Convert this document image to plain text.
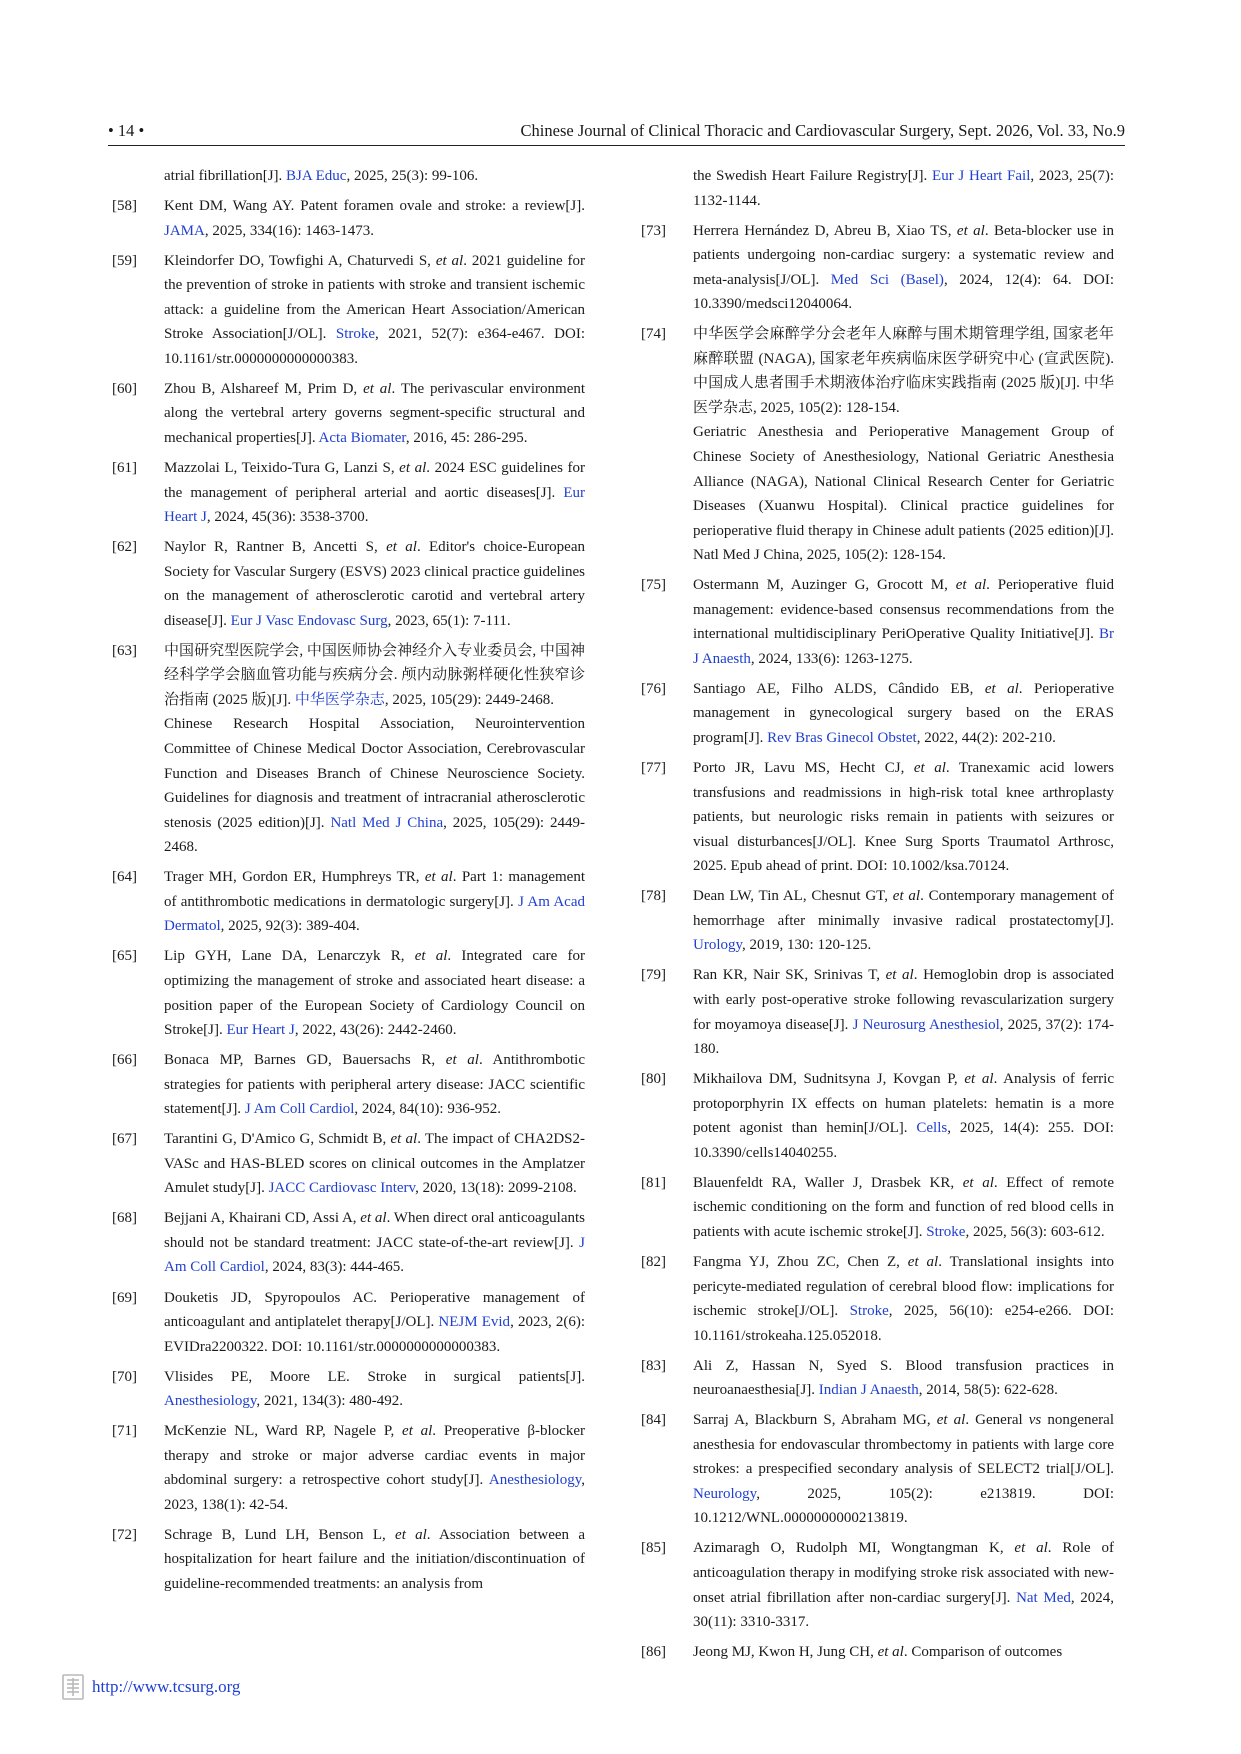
• 14 •	Chinese Journal of Clinical Thoracic and Cardiovascular Surgery, Sept. 2026, Vol. 33, No.9

atrial fibrillation[J]. BJA Educ, 2025, 25(3): 99-106.

[58] Kent DM, Wang AY. Patent foramen ovale and stroke: a review[J]. JAMA, 2025, 334(16): 1463-1473.

[59] Kleindorfer DO, Towfighi A, Chaturvedi S, et al. 2021 guideline for the prevention of stroke in patients with stroke and transient ischemic attack: a guideline from the American Heart Association/American Stroke Association[J/OL]. Stroke, 2021, 52(7): e364-e467. DOI: 10.1161/str.0000000000000383.

[60] Zhou B, Alshareef M, Prim D, et al. The perivascular environment along the vertebral artery governs segment-specific structural and mechanical properties[J]. Acta Biomater, 2016, 45: 286-295.

[61] Mazzolai L, Teixido-Tura G, Lanzi S, et al. 2024 ESC guidelines for the management of peripheral arterial and aortic diseases[J]. Eur Heart J, 2024, 45(36): 3538-3700.

[62] Naylor R, Rantner B, Ancetti S, et al. Editor's choice-European Society for Vascular Surgery (ESVS) 2023 clinical practice guidelines on the management of atherosclerotic carotid and vertebral artery disease[J]. Eur J Vasc Endovasc Surg, 2023, 65(1): 7-111.

[63] 中国研究型医院学会, 中国医师协会神经介入专业委员会, 中国神经科学学会脑血管功能与疾病分会. 颅内动脉粥样硬化性狭窄诊治指南 (2025 版)[J]. 中华医学杂志, 2025, 105(29): 2449-2468.
Chinese Research Hospital Association, Neurointervention Committee of Chinese Medical Doctor Association, Cerebrovascular Function and Diseases Branch of Chinese Neuroscience Society. Guidelines for diagnosis and treatment of intracranial atherosclerotic stenosis (2025 edition)[J]. Natl Med J China, 2025, 105(29): 2449-2468.

[64] Trager MH, Gordon ER, Humphreys TR, et al. Part 1: management of antithrombotic medications in dermatologic surgery[J]. J Am Acad Dermatol, 2025, 92(3): 389-404.

[65] Lip GYH, Lane DA, Lenarczyk R, et al. Integrated care for optimizing the management of stroke and associated heart disease: a position paper of the European Society of Cardiology Council on Stroke[J]. Eur Heart J, 2022, 43(26): 2442-2460.

[66] Bonaca MP, Barnes GD, Bauersachs R, et al. Antithrombotic strategies for patients with peripheral artery disease: JACC scientific statement[J]. J Am Coll Cardiol, 2024, 84(10): 936-952.

[67] Tarantini G, D'Amico G, Schmidt B, et al. The impact of CHA2DS2-VASc and HAS-BLED scores on clinical outcomes in the Amplatzer Amulet study[J]. JACC Cardiovasc Interv, 2020, 13(18): 2099-2108.

[68] Bejjani A, Khairani CD, Assi A, et al. When direct oral anticoagulants should not be standard treatment: JACC state-of-the-art review[J]. J Am Coll Cardiol, 2024, 83(3): 444-465.

[69] Douketis JD, Spyropoulos AC. Perioperative management of anticoagulant and antiplatelet therapy[J/OL]. NEJM Evid, 2023, 2(6): EVIDra2200322. DOI: 10.1161/str.0000000000000383.

[70] Vlisides PE, Moore LE. Stroke in surgical patients[J]. Anesthesiology, 2021, 134(3): 480-492.

[71] McKenzie NL, Ward RP, Nagele P, et al. Preoperative β-blocker therapy and stroke or major adverse cardiac events in major abdominal surgery: a retrospective cohort study[J]. Anesthesiology, 2023, 138(1): 42-54.

[72] Schrage B, Lund LH, Benson L, et al. Association between a hospitalization for heart failure and the initiation/discontinuation of guideline-recommended treatments: an analysis from

the Swedish Heart Failure Registry[J]. Eur J Heart Fail, 2023, 25(7): 1132-1144.

[73] Herrera Hernández D, Abreu B, Xiao TS, et al. Beta-blocker use in patients undergoing non-cardiac surgery: a systematic review and meta-analysis[J/OL]. Med Sci (Basel), 2024, 12(4): 64. DOI: 10.3390/medsci12040064.

[74] 中华医学会麻醉学分会老年人麻醉与围术期管理学组, 国家老年麻醉联盟 (NAGA), 国家老年疾病临床医学研究中心 (宣武医院). 中国成人患者围手术期液体治疗临床实践指南 (2025 版)[J]. 中华医学杂志, 2025, 105(2): 128-154.
Geriatric Anesthesia and Perioperative Management Group of Chinese Society of Anesthesiology, National Geriatric Anesthesia Alliance (NAGA), National Clinical Research Center for Geriatric Diseases (Xuanwu Hospital). Clinical practice guidelines for perioperative fluid therapy in Chinese adult patients (2025 edition)[J]. Natl Med J China, 2025, 105(2): 128-154.

[75] Ostermann M, Auzinger G, Grocott M, et al. Perioperative fluid management: evidence-based consensus recommendations from the international multidisciplinary PeriOperative Quality Initiative[J]. Br J Anaesth, 2024, 133(6): 1263-1275.

[76] Santiago AE, Filho ALDS, Cândido EB, et al. Perioperative management in gynecological surgery based on the ERAS program[J]. Rev Bras Ginecol Obstet, 2022, 44(2): 202-210.

[77] Porto JR, Lavu MS, Hecht CJ, et al. Tranexamic acid lowers transfusions and readmissions in high-risk total knee arthroplasty patients, but neurologic risks remain in patients with seizures or visual disturbances[J/OL]. Knee Surg Sports Traumatol Arthrosc, 2025. Epub ahead of print. DOI: 10.1002/ksa.70124.

[78] Dean LW, Tin AL, Chesnut GT, et al. Contemporary management of hemorrhage after minimally invasive radical prostatectomy[J]. Urology, 2019, 130: 120-125.

[79] Ran KR, Nair SK, Srinivas T, et al. Hemoglobin drop is associated with early post-operative stroke following revascularization surgery for moyamoya disease[J]. J Neurosurg Anesthesiol, 2025, 37(2): 174-180.

[80] Mikhailova DM, Sudnitsyna J, Kovgan P, et al. Analysis of ferric protoporphyrin IX effects on human platelets: hematin is a more potent agonist than hemin[J/OL]. Cells, 2025, 14(4): 255. DOI: 10.3390/cells14040255.

[81] Blauenfeldt RA, Waller J, Drasbek KR, et al. Effect of remote ischemic conditioning on the form and function of red blood cells in patients with acute ischemic stroke[J]. Stroke, 2025, 56(3): 603-612.

[82] Fangma YJ, Zhou ZC, Chen Z, et al. Translational insights into pericyte-mediated regulation of cerebral blood flow: implications for ischemic stroke[J/OL]. Stroke, 2025, 56(10): e254-e266. DOI: 10.1161/strokeaha.125.052018.

[83] Ali Z, Hassan N, Syed S. Blood transfusion practices in neuroanaesthesia[J]. Indian J Anaesth, 2014, 58(5): 622-628.

[84] Sarraj A, Blackburn S, Abraham MG, et al. General vs nongeneral anesthesia for endovascular thrombectomy in patients with large core strokes: a prespecified secondary analysis of SELECT2 trial[J/OL]. Neurology, 2025, 105(2): e213819. DOI: 10.1212/WNL.0000000000213819.

[85] Azimaragh O, Rudolph MI, Wongtangman K, et al. Role of anticoagulation therapy in modifying stroke risk associated with new-onset atrial fibrillation after non-cardiac surgery[J]. Nat Med, 2024, 30(11): 3310-3317.

[86] Jeong MJ, Kwon H, Jung CH, et al. Comparison of outcomes

http://www.tcsurg.org
